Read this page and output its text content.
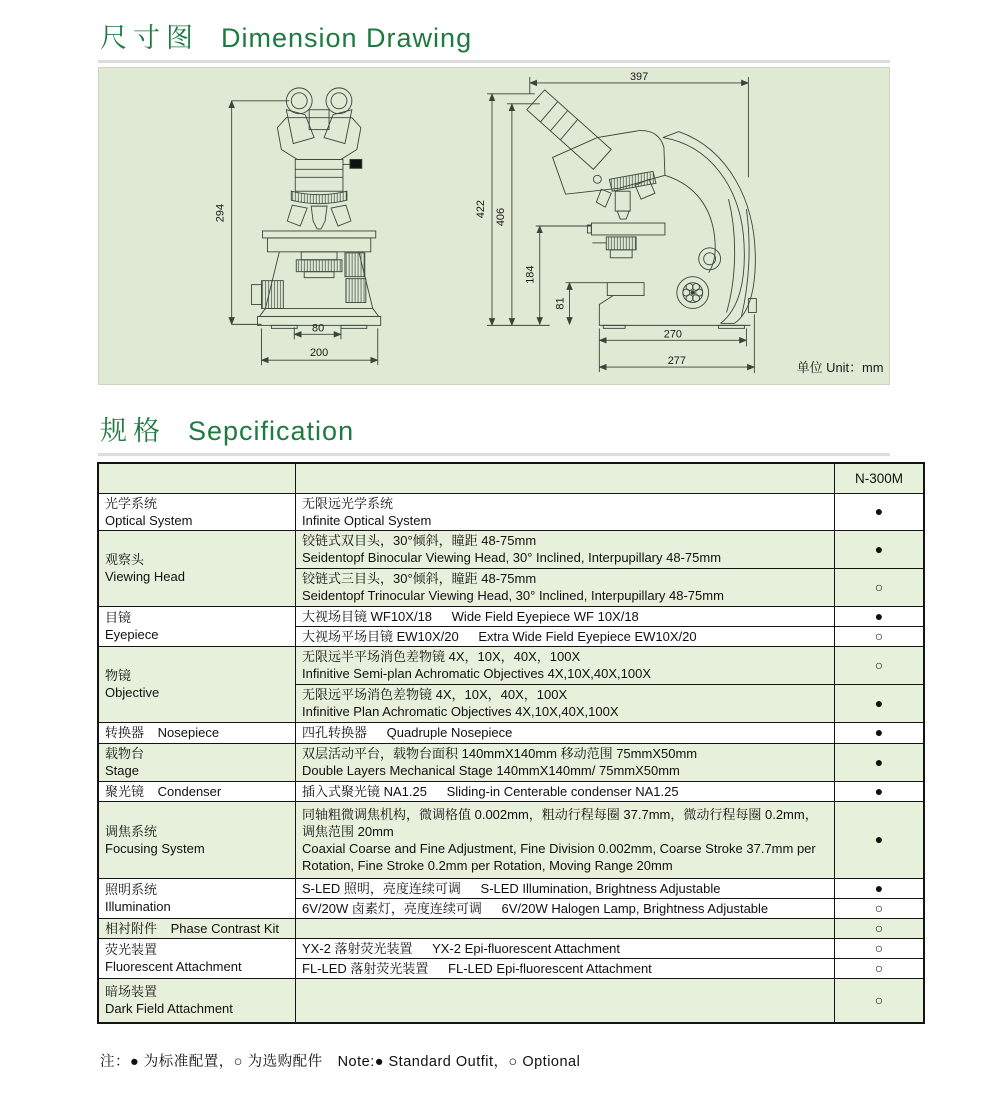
尺寸图 Dimension Drawing
294
80
200
397
422 406
184
81
270
277	单位 Unit：mm
规格 Sepcification
		N-300M

光学系统
Optical System	无限远光学系统
Infinite Optical System	●

观察头
Viewing Head	铰链式双目头，30°倾斜，瞳距 48-75mm
Seidentopf Binocular Viewing Head, 30° Inclined, Interpupillary 48-75mm	●

	铰链式三目头，30°倾斜，瞳距 48-75mm
Seidentopf Trinocular Viewing Head, 30° Inclined, Interpupillary 48-75mm	○

目镜
Eyepiece	大视场目镜 WF10X/18 Wide Field Eyepiece WF 10X/18	●
	大视场平场目镜 EW10X/20 Extra Wide Field Eyepiece EW10X/20	○

物镜
Objective	无限远半平场消色差物镜 4X，10X，40X，100X
Infinitive Semi-plan Achromatic Objectives 4X,10X,40X,100X	○

	无限远平场消色差物镜 4X，10X，40X，100X
Infinitive Plan Achromatic Objectives 4X,10X,40X,100X	●
转换器 Nosepiece	四孔转换器 Quadruple Nosepiece	●

载物台
Stage	双层活动平台，载物台面积 140mmX140mm 移动范围 75mmX50mm
Double Layers Mechanical Stage 140mmX140mm/ 75mmX50mm	●
聚光镜 Condenser	插入式聚光镜 NA1.25 Sliding-in Centerable condenser NA1.25	●

调焦系统
Focusing System	同轴粗微调焦机构，微调格值 0.002mm，粗动行程每圈 37.7mm，微动行程每圈 0.2mm，调焦范围 20mm
Coaxial Coarse and Fine Adjustment, Fine Division 0.002mm, Coarse Stroke 37.7mm per Rotation, Fine Stroke 0.2mm per Rotation, Moving Range 20mm	●

照明系统
Illumination	S-LED 照明，亮度连续可调 S-LED Illumination, Brightness Adjustable	●
	6V/20W 卤素灯，亮度连续可调 6V/20W Halogen Lamp, Brightness Adjustable	○
相衬附件 Phase Contrast Kit		○

荧光装置
Fluorescent Attachment	YX-2 落射荧光装置 YX-2 Epi-fluorescent Attachment	○
	FL-LED 落射荧光装置 FL-LED Epi-fluorescent Attachment	○

暗场装置
Dark Field Attachment		○
注：● 为标准配置，○ 为选购配件　Note:● Standard Outfit，○ Optional
